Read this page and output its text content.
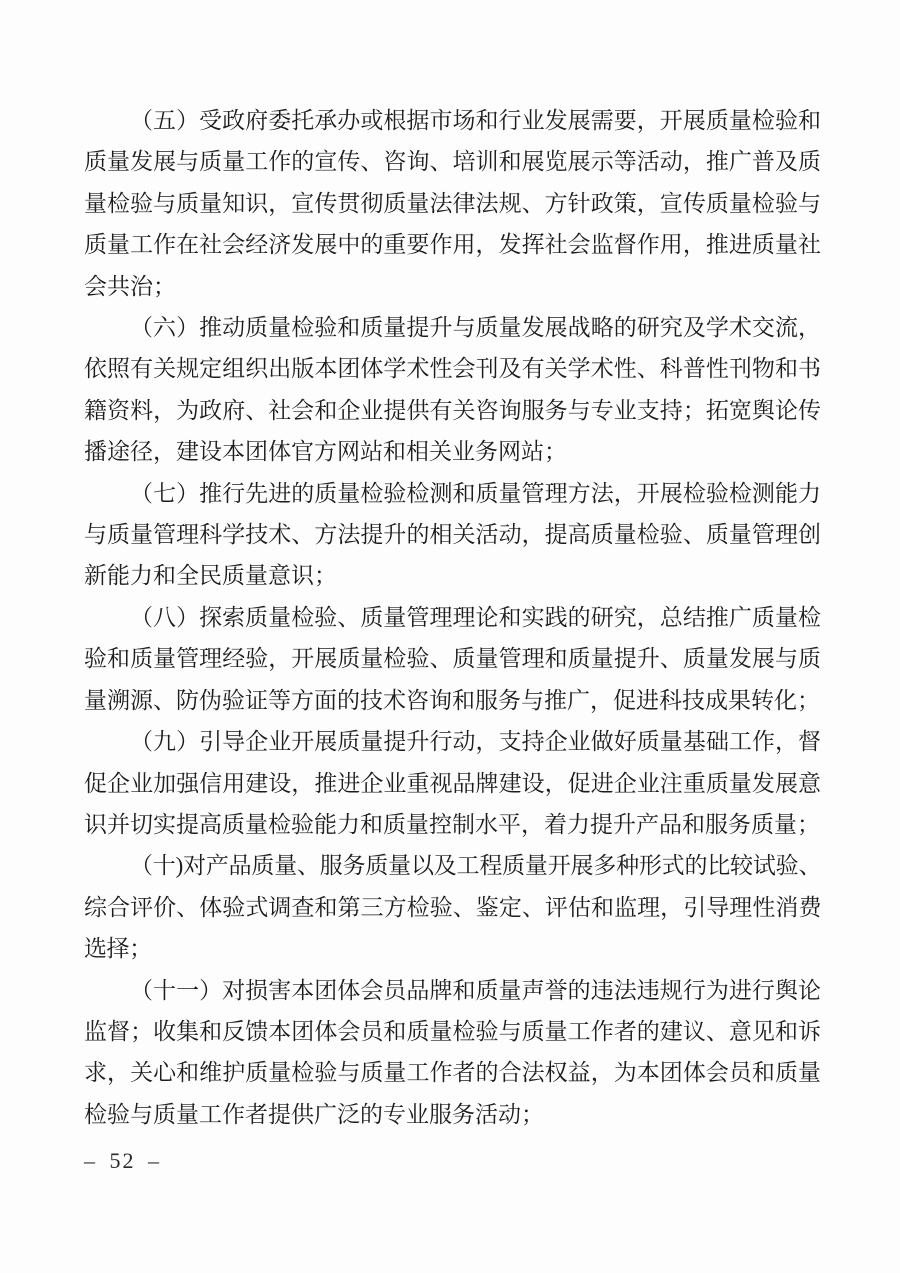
（五）受政府委托承办或根据市场和行业发展需要，开展质量检验和质量发展与质量工作的宣传、咨询、培训和展览展示等活动，推广普及质量检验与质量知识，宣传贯彻质量法律法规、方针政策，宣传质量检验与质量工作在社会经济发展中的重要作用，发挥社会监督作用，推进质量社会共治；

（六）推动质量检验和质量提升与质量发展战略的研究及学术交流，依照有关规定组织出版本团体学术性会刊及有关学术性、科普性刊物和书籍资料，为政府、社会和企业提供有关咨询服务与专业支持；拓宽舆论传播途径，建设本团体官方网站和相关业务网站；

（七）推行先进的质量检验检测和质量管理方法，开展检验检测能力与质量管理科学技术、方法提升的相关活动，提高质量检验、质量管理创新能力和全民质量意识；

（八）探索质量检验、质量管理理论和实践的研究，总结推广质量检验和质量管理经验，开展质量检验、质量管理和质量提升、质量发展与质量溯源、防伪验证等方面的技术咨询和服务与推广，促进科技成果转化；

（九）引导企业开展质量提升行动，支持企业做好质量基础工作，督促企业加强信用建设，推进企业重视品牌建设，促进企业注重质量发展意识并切实提高质量检验能力和质量控制水平，着力提升产品和服务质量；

（十)对产品质量、服务质量以及工程质量开展多种形式的比较试验、综合评价、体验式调查和第三方检验、鉴定、评估和监理，引导理性消费选择；

（十一）对损害本团体会员品牌和质量声誉的违法违规行为进行舆论监督；收集和反馈本团体会员和质量检验与质量工作者的建议、意见和诉求，关心和维护质量检验与质量工作者的合法权益，为本团体会员和质量检验与质量工作者提供广泛的专业服务活动；

– 52 –
